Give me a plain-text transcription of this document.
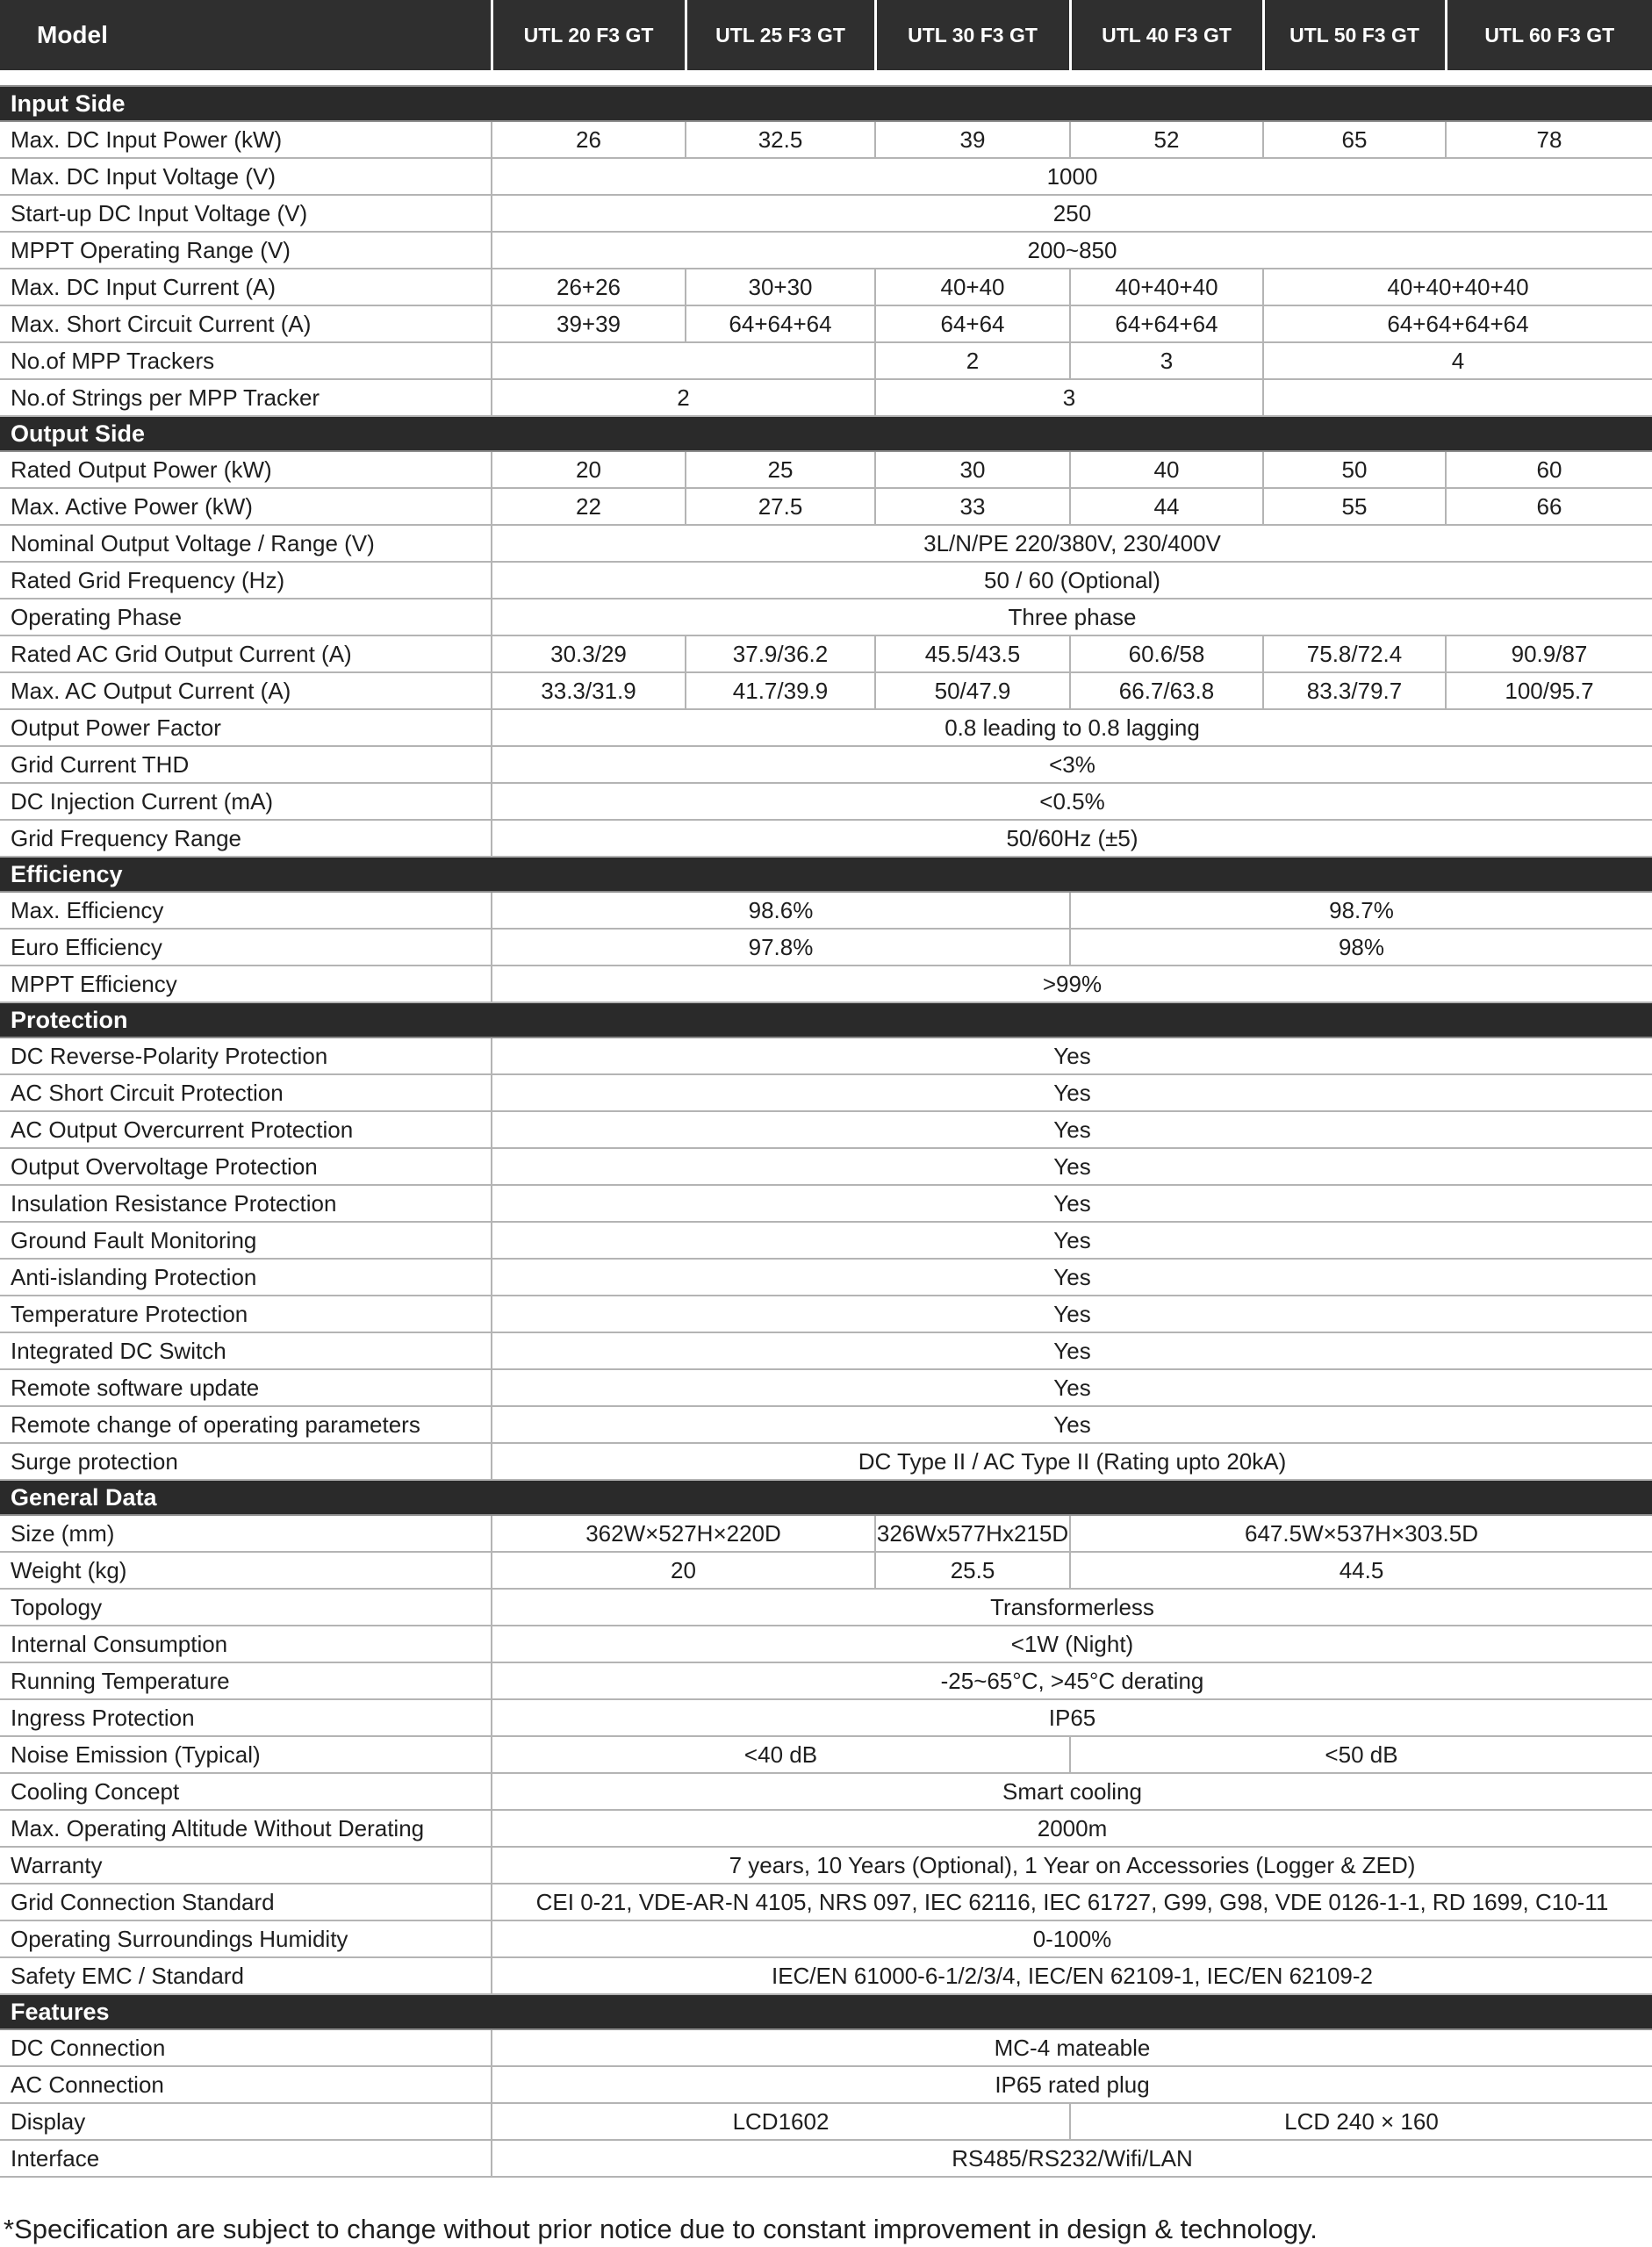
Model	UTL 20 F3 GT	UTL 25 F3 GT	UTL 30 F3 GT	UTL 40 F3 GT	UTL 50 F3 GT	UTL 60 F3 GT

Input Side						
Max. DC Input Power (kW)	26	32.5	39	52	65	78
Max. DC Input Voltage (V)	1000					
Start-up DC Input Voltage (V)	250					
MPPT Operating Range (V)	200~850					
Max. DC Input Current (A)	26+26	30+30	40+40	40+40+40	40+40+40+40	
Max. Short Circuit Current (A)	39+39	64+64+64	64+64	64+64+64	64+64+64+64	
No.of MPP Trackers			2	3	4	
No.of Strings per MPP Tracker	2		3			
Output Side						
Rated Output Power (kW)	20	25	30	40	50	60
Max. Active Power (kW)	22	27.5	33	44	55	66
Nominal Output Voltage / Range (V)	3L/N/PE 220/380V, 230/400V					
Rated Grid Frequency (Hz)	50 / 60 (Optional)					
Operating Phase	Three phase					
Rated AC Grid Output Current (A)	30.3/29	37.9/36.2	45.5/43.5	60.6/58	75.8/72.4	90.9/87
Max. AC Output Current (A)	33.3/31.9	41.7/39.9	50/47.9	66.7/63.8	83.3/79.7	100/95.7
Output Power Factor	0.8 leading to 0.8 lagging					
Grid Current THD	<3%					
DC Injection Current (mA)	<0.5%					
Grid Frequency Range	50/60Hz (±5)					
Efficiency						
Max. Efficiency	98.6%			98.7%		
Euro Efficiency	97.8%			98%		
MPPT Efficiency	>99%					
Protection						
DC Reverse-Polarity Protection	Yes					
AC Short Circuit Protection	Yes					
AC Output Overcurrent Protection	Yes					
Output Overvoltage Protection	Yes					
Insulation Resistance Protection	Yes					
Ground Fault Monitoring	Yes					
Anti-islanding Protection	Yes					
Temperature Protection	Yes					
Integrated DC Switch	Yes					
Remote software update	Yes					
Remote change of operating parameters	Yes					
Surge protection	DC Type II / AC Type II (Rating upto 20kA)					
General Data						
Size (mm)	362W×527H×220D		326Wx577Hx215D	647.5W×537H×303.5D		
Weight (kg)	20		25.5	44.5		
Topology	Transformerless					
Internal Consumption	<1W (Night)					
Running Temperature	-25~65°C, >45°C derating					
Ingress Protection	IP65					
Noise Emission (Typical)	<40 dB			<50 dB		
Cooling Concept	Smart cooling					
Max. Operating Altitude Without Derating	2000m					
Warranty	7 years, 10 Years (Optional), 1 Year on Accessories (Logger & ZED)					
Grid Connection Standard	CEI 0-21, VDE-AR-N 4105, NRS 097, IEC 62116, IEC 61727, G99, G98, VDE 0126-1-1, RD 1699, C10-11					
Operating Surroundings Humidity	0-100%					
Safety EMC / Standard	IEC/EN 61000-6-1/2/3/4, IEC/EN 62109-1, IEC/EN 62109-2					
Features						
DC Connection	MC-4 mateable					
AC Connection	IP65 rated plug					
Display	LCD1602			LCD 240 × 160		
Interface	RS485/RS232/Wifi/LAN					
*Specification are subject to change without prior notice due to constant improvement in design & technology.
